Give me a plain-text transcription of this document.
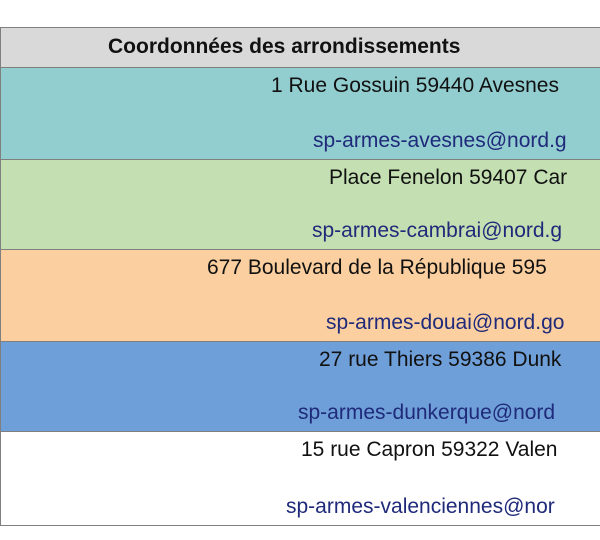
Coordonnées des arrondissements
1 Rue Gossuin 59440 Avesnes
sp-armes-avesnes@nord.g
Place Fenelon 59407 Car
sp-armes-cambrai@nord.g
677 Boulevard de la République 595
sp-armes-douai@nord.go
27 rue Thiers 59386 Dunk
sp-armes-dunkerque@nord
15 rue Capron 59322 Valen
sp-armes-valenciennes@nor
